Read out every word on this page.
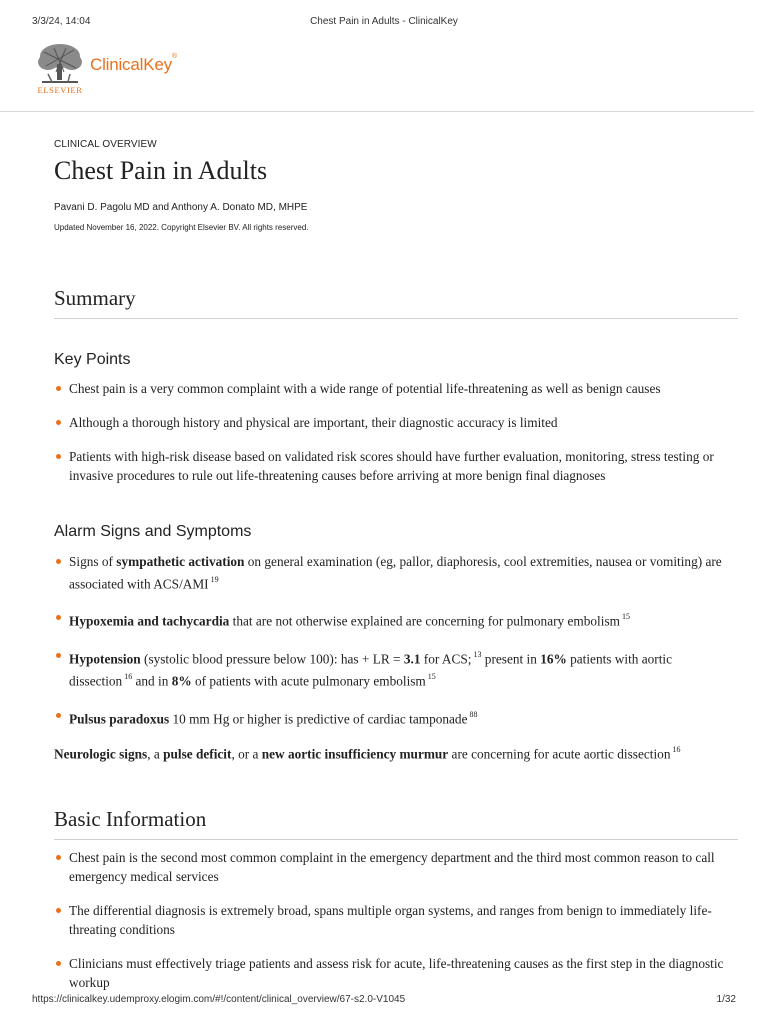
3/3/24, 14:04	Chest Pain in Adults - ClinicalKey
ELSEVIER
ClinicalKey®

CLINICAL OVERVIEW

Chest Pain in Adults

Pavani D. Pagolu MD and Anthony A. Donato MD, MHPE

Updated November 16, 2022. Copyright Elsevier BV. All rights reserved.

Summary
Key Points
Chest pain is a very common complaint with a wide range of potential life-threatening as well as benign causes
Although a thorough history and physical are important, their diagnostic accuracy is limited
Patients with high-risk disease based on validated risk scores should have further evaluation, monitoring, stress testing or invasive procedures to rule out life-threatening causes before arriving at more benign final diagnoses
Alarm Signs and Symptoms
Signs of sympathetic activation on general examination (eg, pallor, diaphoresis, cool extremities, nausea or vomiting) are associated with ACS/AMI $^{19}$
Hypoxemia and tachycardia that are not otherwise explained are concerning for pulmonary embolism $^{15}$
Hypotension (systolic blood pressure below 100): has + LR = 3.1 for ACS; $^{13}$ present in 16% patients with aortic dissection $^{16}$ and in 8% of patients with acute pulmonary embolism $^{15}$
Pulsus paradoxus 10 mm Hg or higher is predictive of cardiac tamponade $^{88}$

Neurologic signs, a pulse deficit, or a new aortic insufficiency murmur are concerning for acute aortic dissection $^{16}$

Basic Information
Chest pain is the second most common complaint in the emergency department and the third most common reason to call emergency medical services
The differential diagnosis is extremely broad, spans multiple organ systems, and ranges from benign to immediately life-threating conditions
Clinicians must effectively triage patients and assess risk for acute, life-threatening causes as the first step in the diagnostic workup
https://clinicalkey.udemproxy.elogim.com/#!/content/clinical_overview/67-s2.0-V1045	1/32
